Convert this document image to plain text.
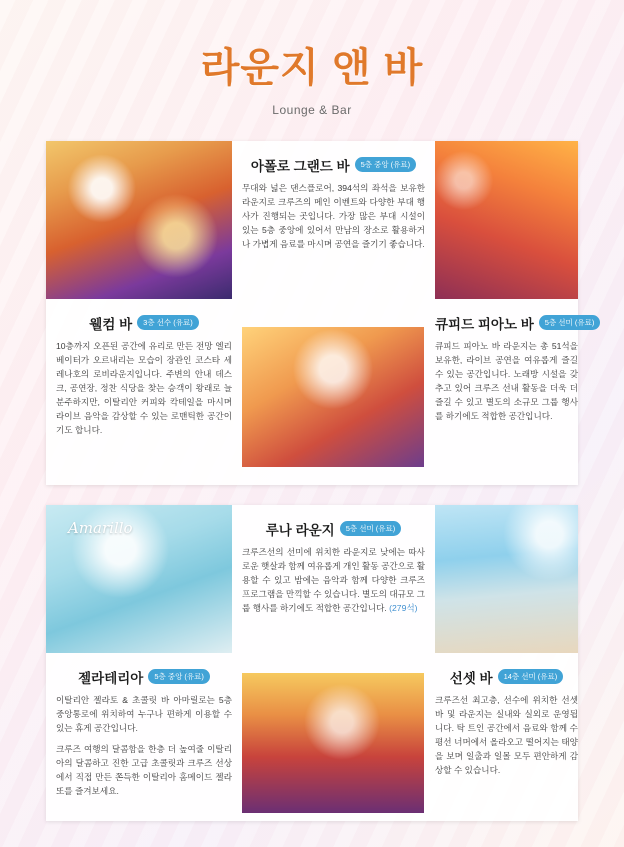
라운지 앤 바
Lounge & Bar
아폴로 그랜드 바 5층 중앙 (유료)
무대와 넓은 댄스플로어, 394석의 좌석을 보유한 라운지로 크루즈의 메인 이벤트와 다양한 부대 행사가 진행되는 곳입니다. 가장 많은 부대 시설이 있는 5층 중앙에 있어서 만남의 장소로 활용하거나 가볍게 음료를 마시며 공연을 즐기기 좋습니다.
웰컴 바 3층 선수 (유료)
10층까지 오픈된 공간에 유리로 만든 전망 엘리베이터가 오르내리는 모습이 장관인 코스타 세레나호의 로비라운지입니다. 주변의 안내 데스크, 공연장, 정찬 식당을 찾는 승객이 왕래로 늘 분주하지만, 이탈리안 커피와 칵테일을 마시며 라이브 음악을 감상할 수 있는 로맨틱한 공간이기도 합니다.
큐피드 피아노 바 5층 선미 (유료)
큐피드 피아노 바 라운지는 총 51석을 보유한, 라이브 공연을 여유롭게 즐길 수 있는 공간입니다. 노래방 시설을 갖추고 있어 크루즈 선내 활동을 더욱 더 즐길 수 있고 별도의 소규모 그룹 행사를 하기에도 적합한 공간입니다.
Amarillo	루나 라운지 5층 선미 (유료)
크루즈선의 선미에 위치한 라운지로 낮에는 따사로운 햇살과 함께 여유롭게 개인 활동 공간으로 활용할 수 있고 밤에는 음악과 함께 다양한 크루즈 프로그램을 만끽할 수 있습니다. 별도의 대규모 그룹 행사를 하기에도 적합한 공간입니다. (279석)
젤라테리아 5층 중앙 (유료)
이탈리안 젤라토 & 초콜릿 바 아마릴로는 5층 중앙통로에 위치하여 누구나 편하게 이용할 수 있는 휴게 공간입니다.
크루즈 여행의 달콤함을 한층 더 높여줄 이탈리아의 달콤하고 진한 고급 초콜릿과 크루즈 선상에서 직접 만든 쫀득한 이탈리아 홈메이드 젤라또를 즐겨보세요.
선셋 바 14층 선미 (유료)
크루즈선 최고층, 선수에 위치한 선셋바 및 라운지는 실내와 실외로 운영됩니다. 탁 트인 공간에서 음료와 함께 수평선 너머에서 올라오고 떨어지는 태양을 보며 일출과 일몰 모두 편안하게 감상할 수 있습니다.
